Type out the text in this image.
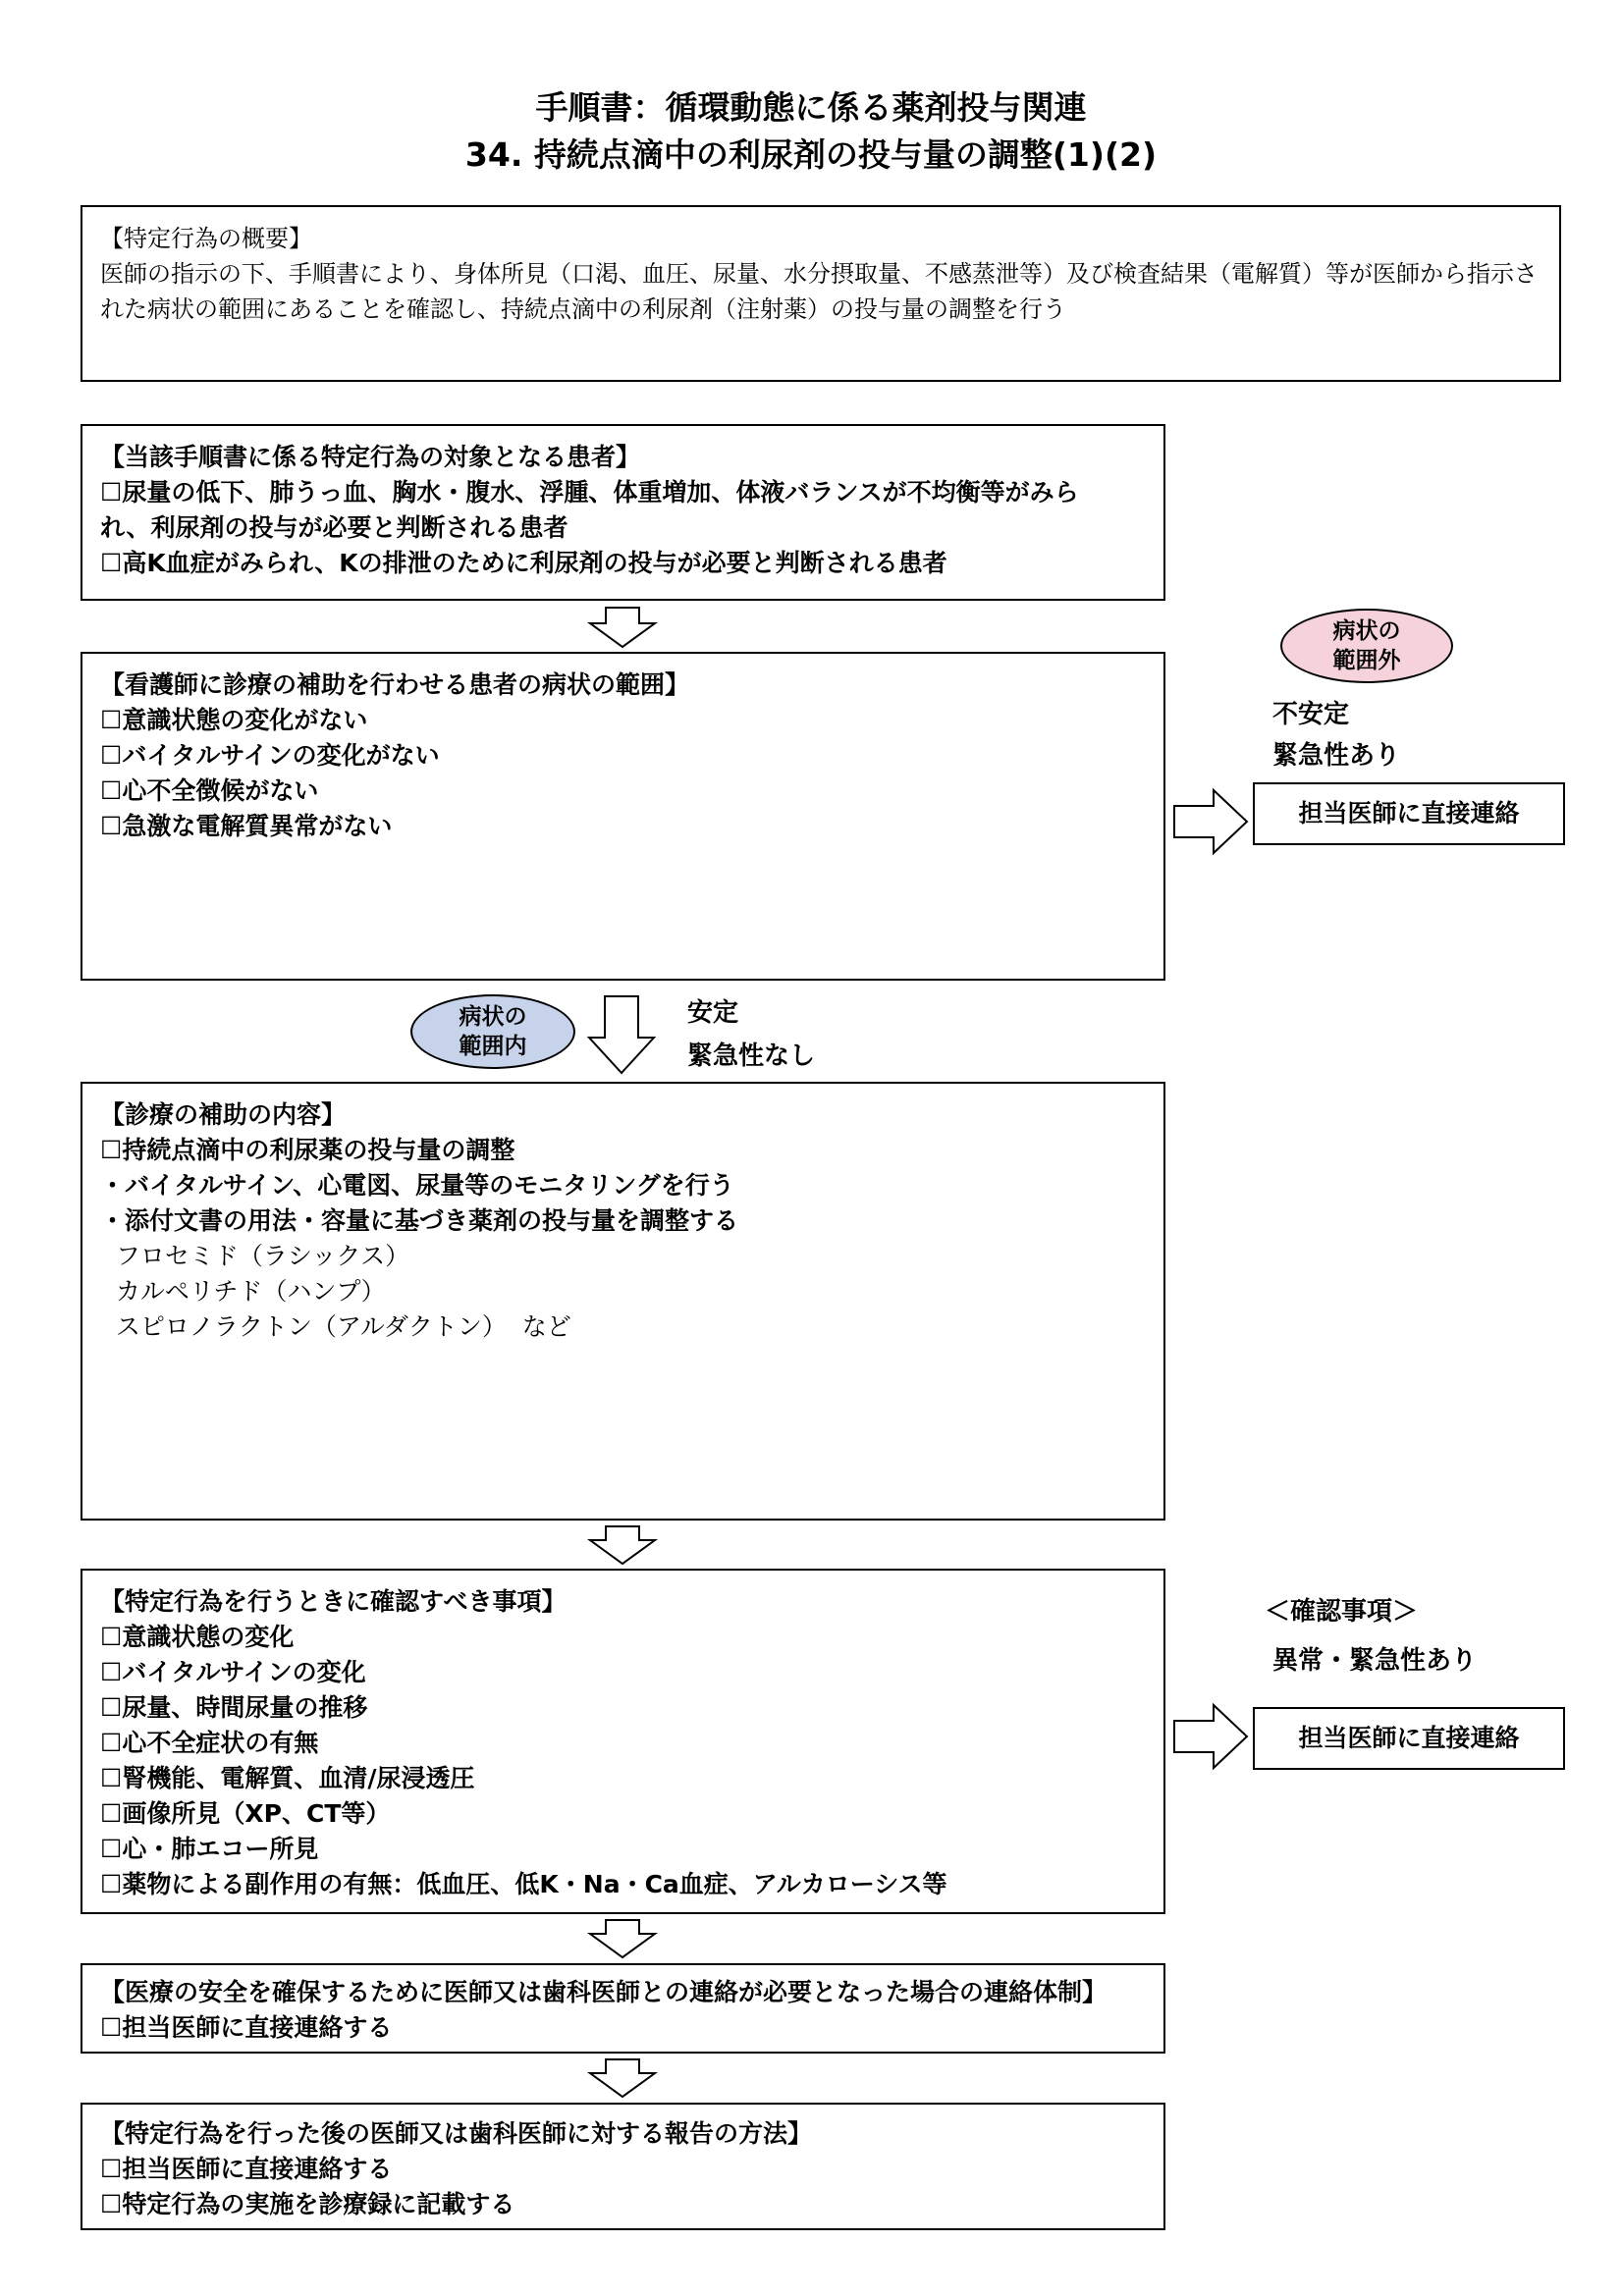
手順書：循環動態に係る薬剤投与関連
34. 持続点滴中の利尿剤の投与量の調整(1)(2)
【特定行為の概要】
医師の指示の下、手順書により、身体所見（口渇、血圧、尿量、水分摂取量、不感蒸泄等）及び検査結果（電解質）等が医師から指示された病状の範囲にあることを確認し、持続点滴中の利尿剤（注射薬）の投与量の調整を行う
【当該手順書に係る特定行為の対象となる患者】
☐尿量の低下、肺うっ血、胸水・腹水、浮腫、体重増加、体液バランスが不均衡等がみら
れ、利尿剤の投与が必要と判断される患者
☐高K血症がみられ、Kの排泄のために利尿剤の投与が必要と判断される患者
【看護師に診療の補助を行わせる患者の病状の範囲】
☐意識状態の変化がない
☐バイタルサインの変化がない
☐心不全徴候がない
☐急激な電解質異常がない
病状の
範囲外
不安定
緊急性あり
担当医師に直接連絡
病状の
範囲内
安定
緊急性なし
【診療の補助の内容】
☐持続点滴中の利尿薬の投与量の調整
・バイタルサイン、心電図、尿量等のモニタリングを行う
・添付文書の用法・容量に基づき薬剤の投与量を調整する
フロセミド（ラシックス）
カルペリチド（ハンプ）
スピロノラクトン（アルダクトン）  など
【特定行為を行うときに確認すべき事項】
☐意識状態の変化
☐バイタルサインの変化
☐尿量、時間尿量の推移
☐心不全症状の有無
☐腎機能、電解質、血清/尿浸透圧
☐画像所見（XP、CT等）
☐心・肺エコー所見
☐薬物による副作用の有無：低血圧、低K・Na・Ca血症、アルカローシス等
＜確認事項＞
異常・緊急性あり
担当医師に直接連絡
【医療の安全を確保するために医師又は歯科医師との連絡が必要となった場合の連絡体制】
☐担当医師に直接連絡する
【特定行為を行った後の医師又は歯科医師に対する報告の方法】
☐担当医師に直接連絡する
☐特定行為の実施を診療録に記載する
